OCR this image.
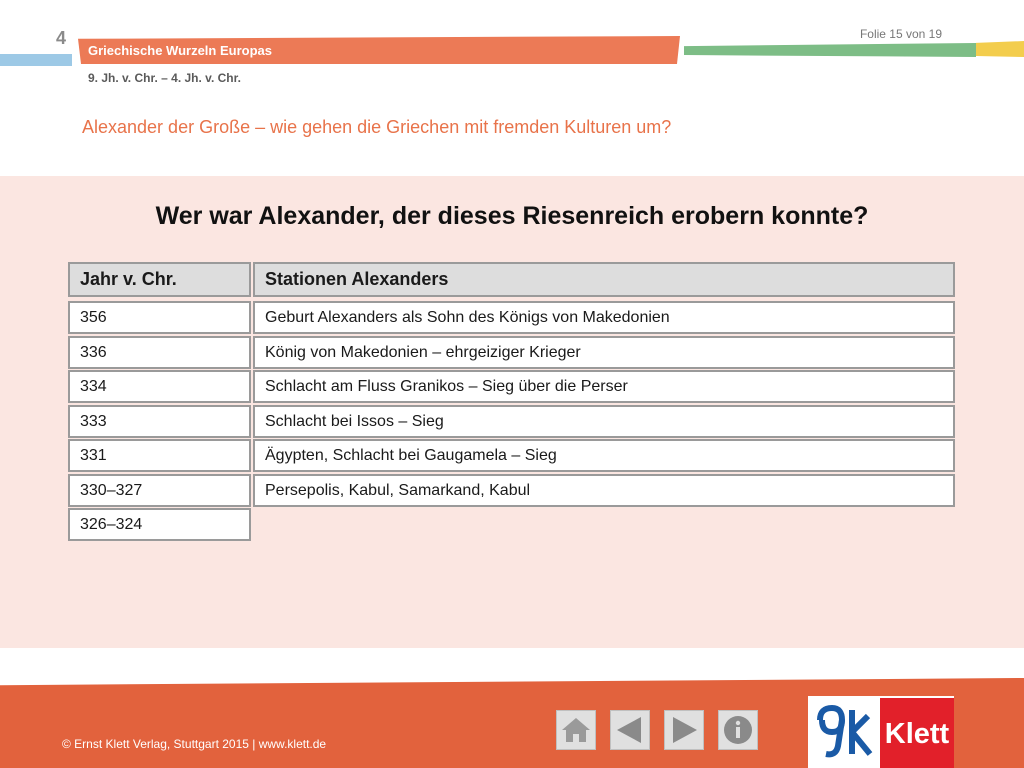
4
Griechische Wurzeln Europas
Folie 15 von 19
9. Jh. v. Chr. – 4. Jh. v. Chr.
Alexander der Große – wie gehen die Griechen mit fremden Kulturen um?
Wer war Alexander, der dieses Riesenreich erobern konnte?
Jahr v. Chr.	Stationen Alexanders
356	Geburt Alexanders als Sohn des Königs von Makedonien
336	König von Makedonien – ehrgeiziger Krieger
334	Schlacht am Fluss Granikos – Sieg über die Perser
333	Schlacht bei Issos – Sieg
331	Ägypten, Schlacht bei Gaugamela – Sieg
330–327	Persepolis, Kabul, Samarkand, Kabul
326–324
© Ernst Klett Verlag, Stuttgart 2015 | www.klett.de	Klett
